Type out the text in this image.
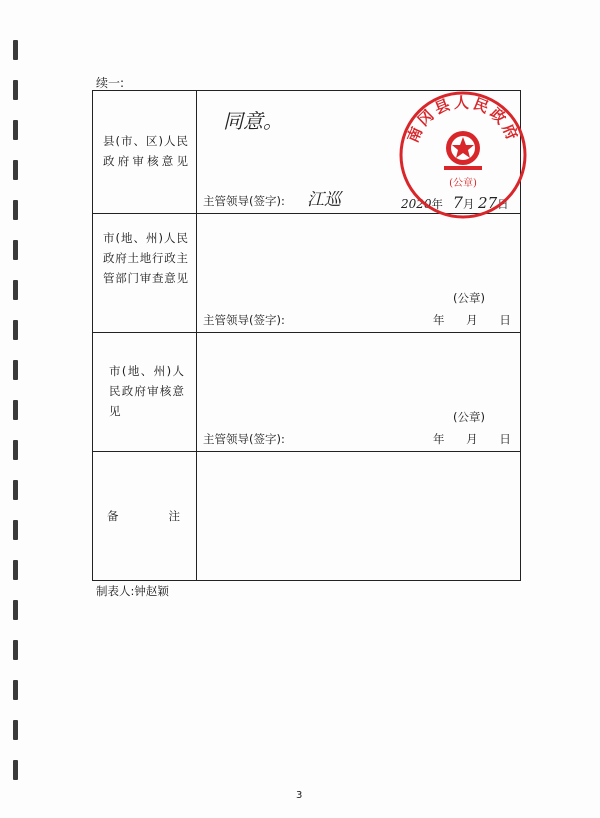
续一:
县(市、区)人民政府审核意见	同意。
主管领导(签字): 江巡 2020年 7月 27日

市(地、州)人民政府土地行政主管部门审查意见	(公章)
主管领导(签字): 年 月 日

市(地、州)人民政府审核意见	(公章)
主管领导(签字): 年 月 日

备注	

南冈县人民政府
(公章)
制表人:钟赵颖
3
